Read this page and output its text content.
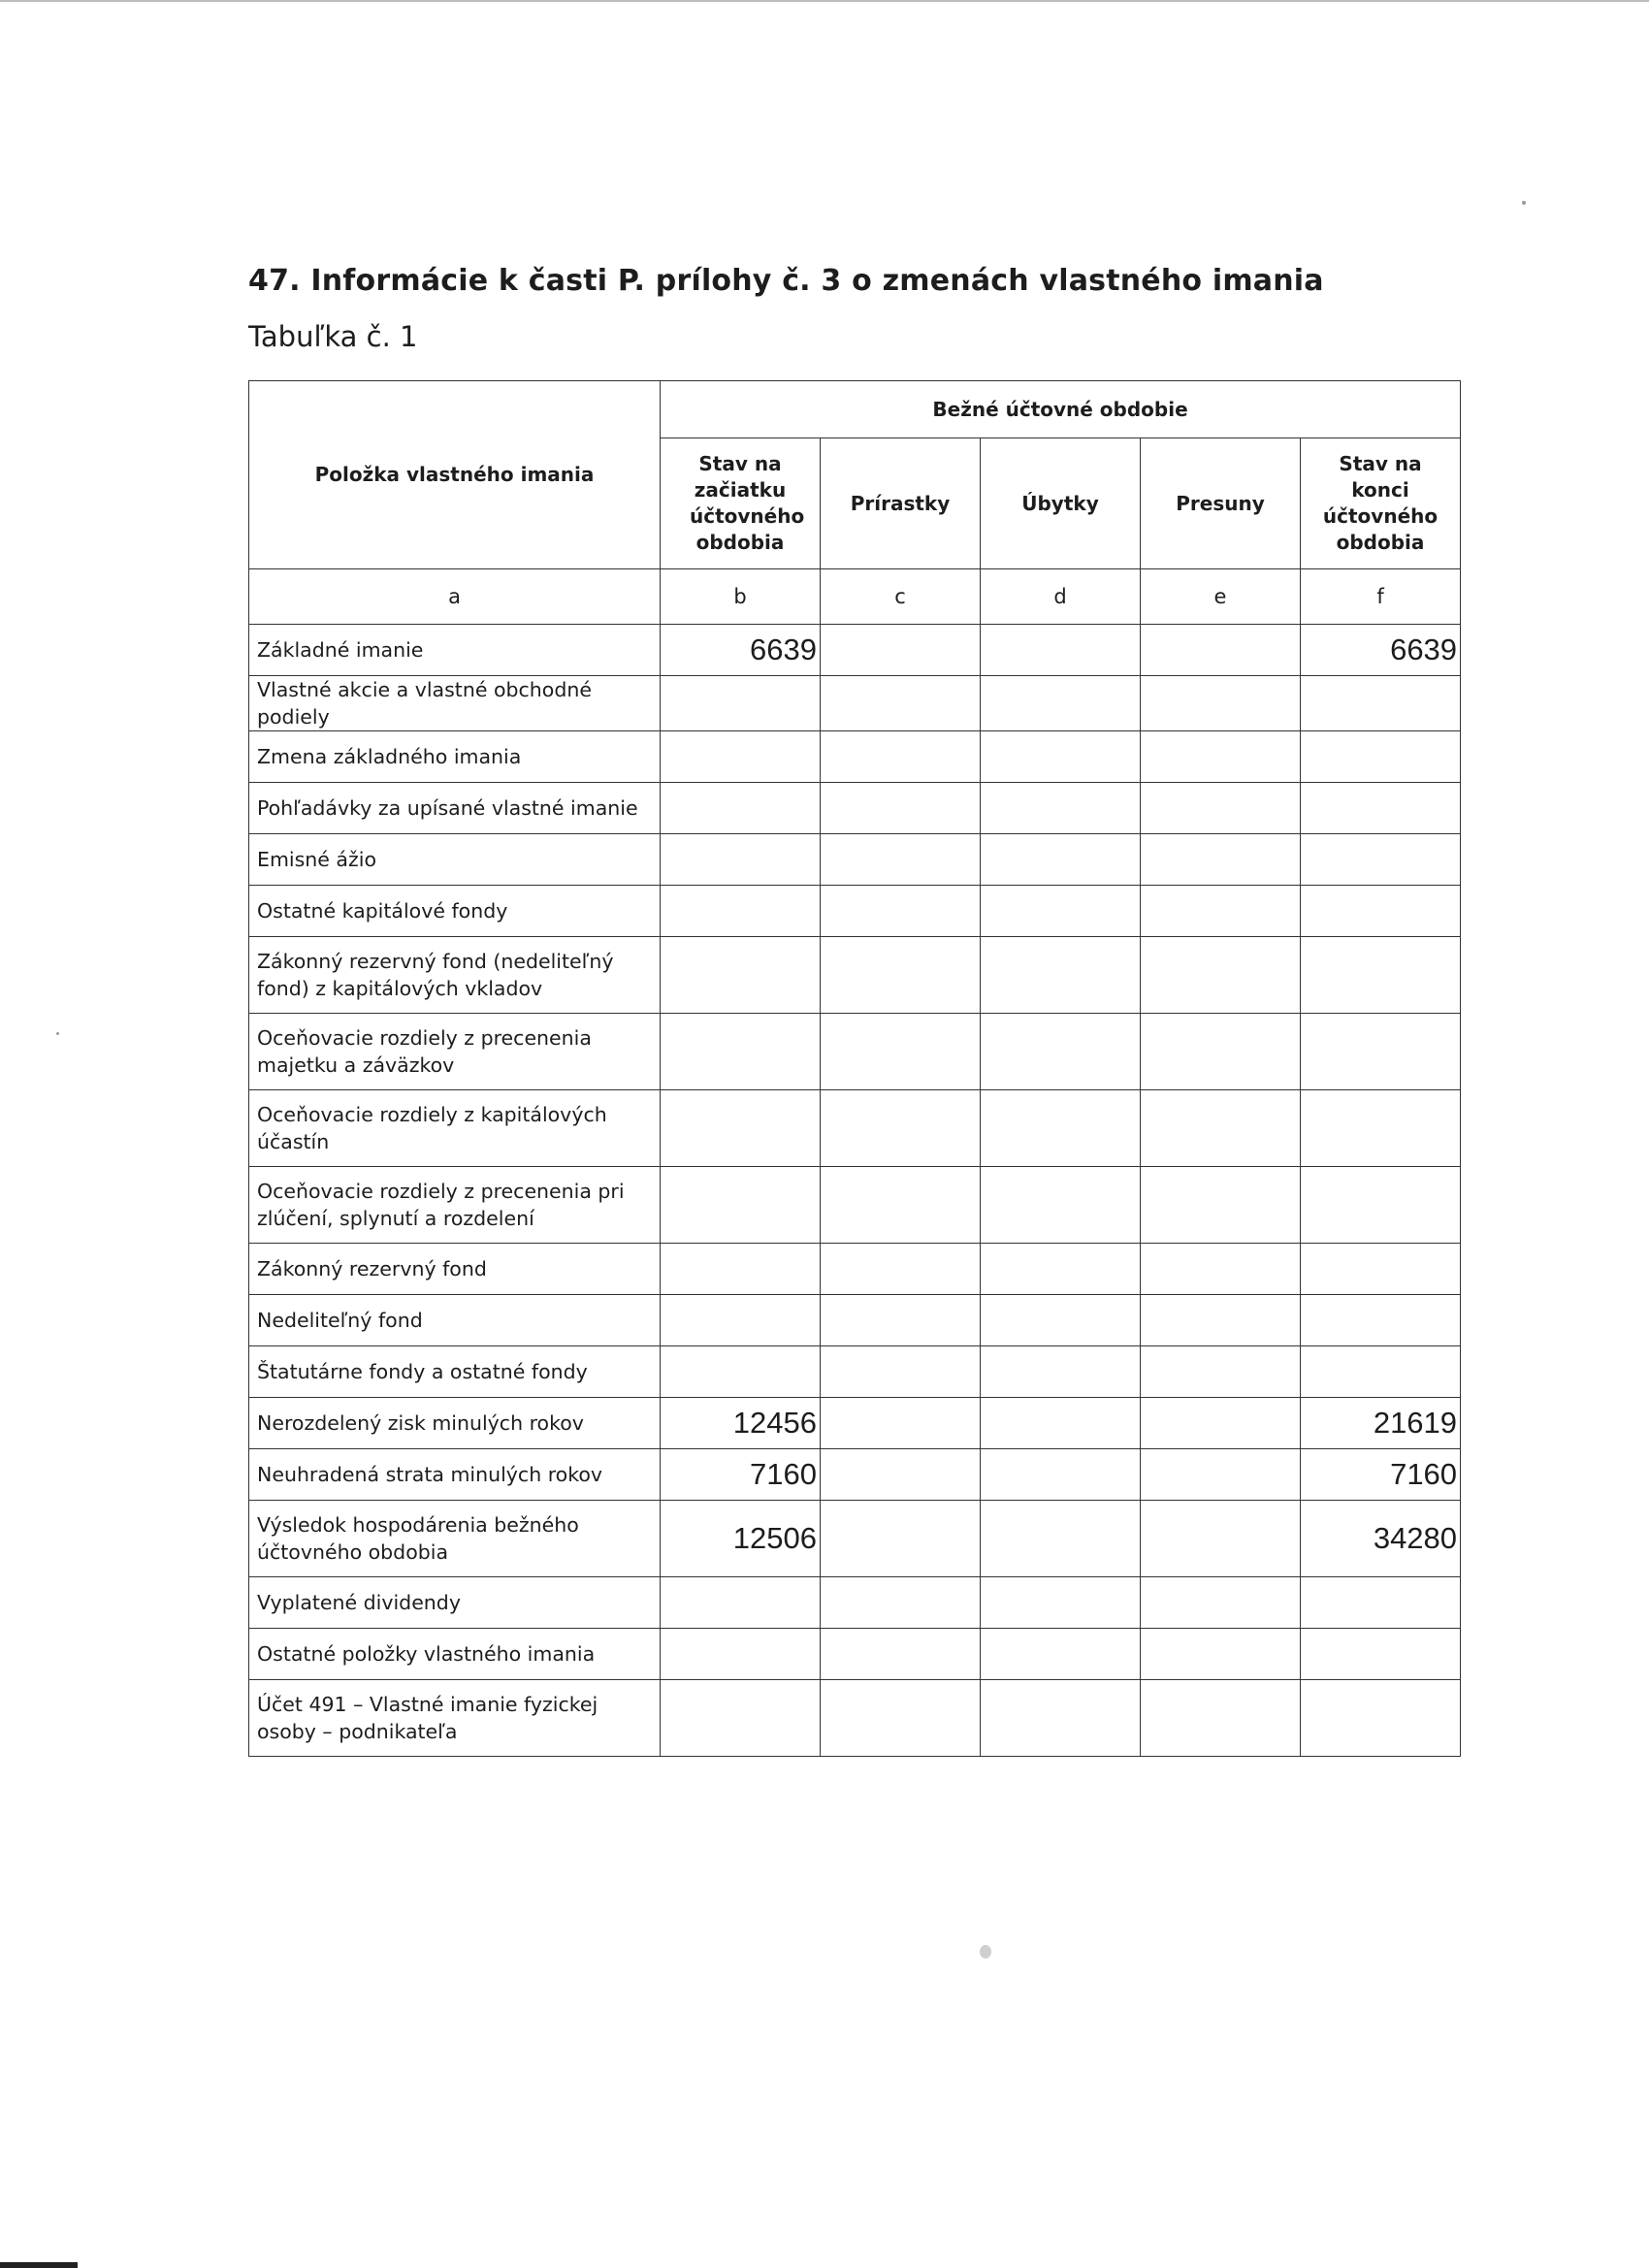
47. Informácie k časti P. prílohy č. 3 o zmenách vlastného imania
Tabuľka č. 1
Položka vlastného imania	Bežné účtovné obdobie				
	Stav na začiatku účtovného obdobia	Prírastky	Úbytky	Presuny	Stav na konci účtovného obdobia
a	b	c	d	e	f
Základné imanie	6639				6639
Vlastné akcie a vlastné obchodné podiely					
Zmena základného imania					
Pohľadávky za upísané vlastné imanie					
Emisné ážio					
Ostatné kapitálové fondy					
Zákonný rezervný fond (nedeliteľný fond) z kapitálových vkladov					
Oceňovacie rozdiely z precenenia majetku a záväzkov					
Oceňovacie rozdiely z kapitálových účastín					
Oceňovacie rozdiely z precenenia pri zlúčení, splynutí a rozdelení					
Zákonný rezervný fond					
Nedeliteľný fond					
Štatutárne fondy a ostatné fondy					
Nerozdelený zisk minulých rokov	12456				21619
Neuhradená strata minulých rokov	7160				7160
Výsledok hospodárenia bežného účtovného obdobia	12506				34280
Vyplatené dividendy					
Ostatné položky vlastného imania					
Účet 491 – Vlastné imanie fyzickej osoby – podnikateľa					
